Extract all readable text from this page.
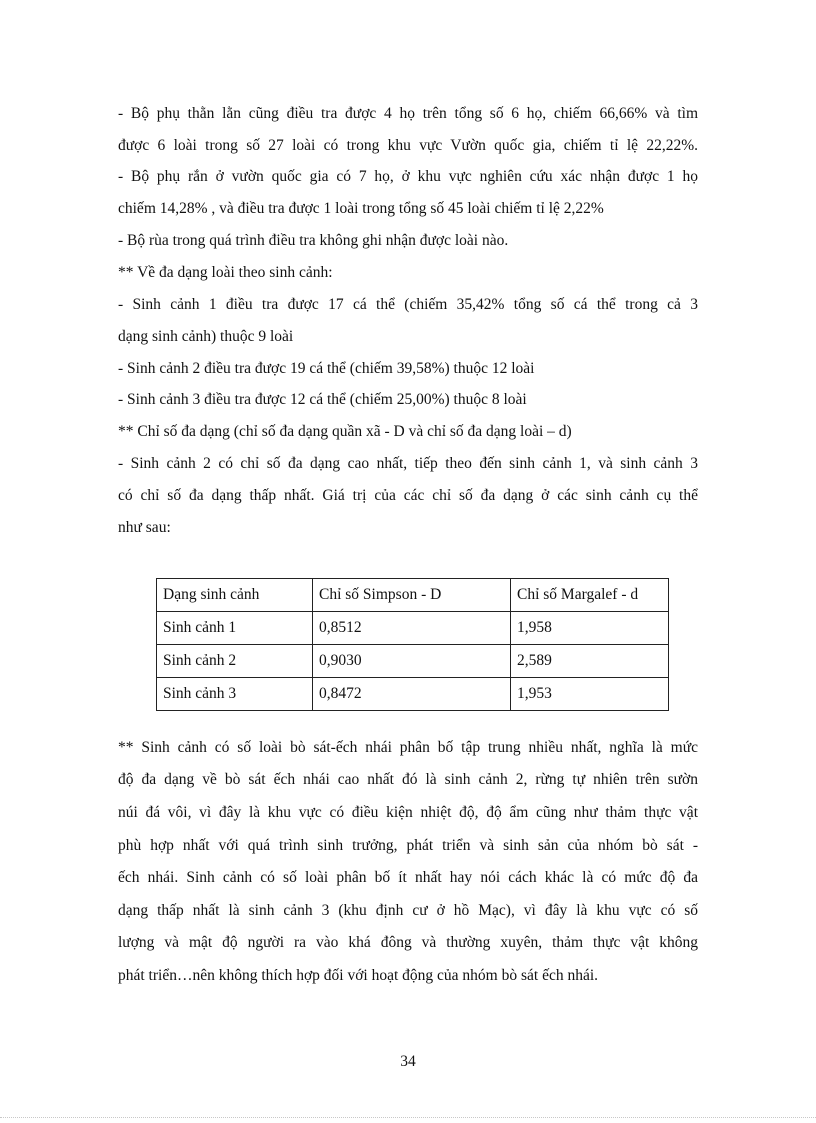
- Bộ phụ thằn lằn cũng điều tra được 4 họ trên tổng số 6 họ, chiếm 66,66% và tìm
được 6 loài trong số 27 loài có trong khu vực Vườn quốc gia, chiếm tỉ lệ 22,22%.
- Bộ phụ rắn ở vườn quốc gia có 7 họ, ở khu vực nghiên cứu xác nhận được 1 họ
chiếm 14,28% , và điều tra được 1 loài trong tổng số 45 loài chiếm tỉ lệ 2,22%
- Bộ rùa trong quá trình điều tra không ghi nhận được loài nào.
** Về đa dạng loài theo sinh cảnh:
- Sinh cảnh 1 điều tra được 17 cá thể (chiếm 35,42% tổng số cá thể trong cả 3
dạng sinh cảnh) thuộc 9 loài
- Sinh cảnh 2 điều tra được 19 cá thể (chiếm 39,58%) thuộc 12 loài
- Sinh cảnh 3 điều tra được 12 cá thể (chiếm 25,00%) thuộc 8 loài
** Chỉ số đa dạng (chỉ số đa dạng quần xã - D và chỉ số đa dạng loài – d)
- Sinh cảnh 2 có chỉ số đa dạng cao nhất, tiếp theo đến sinh cảnh 1, và sinh cảnh 3
có chỉ số đa dạng thấp nhất. Giá trị của các chỉ số đa dạng ở các sinh cảnh cụ thể
như sau:
Dạng sinh cảnh	Chỉ số Simpson - D	Chỉ số Margalef - d
Sinh cảnh 1	0,8512	1,958
Sinh cảnh 2	0,9030	2,589
Sinh cảnh 3	0,8472	1,953
** Sinh cảnh có số loài bò sát-ếch nhái phân bố tập trung nhiều nhất, nghĩa là mức
độ đa dạng về bò sát ếch nhái cao nhất đó là sinh cảnh 2, rừng tự nhiên trên sườn
núi đá vôi, vì đây là khu vực có điều kiện nhiệt độ, độ ẩm cũng như thảm thực vật
phù hợp nhất với quá trình sinh trưởng, phát triển và sinh sản của nhóm bò sát -
ếch nhái. Sinh cảnh có số loài phân bố ít nhất hay nói cách khác là có mức độ đa
dạng thấp nhất là sinh cảnh 3 (khu định cư ở hồ Mạc), vì đây là khu vực có số
lượng và mật độ người ra vào khá đông và thường xuyên, thảm thực vật không
phát triển…nên không thích hợp đối với hoạt động của nhóm bò sát ếch nhái.
34
